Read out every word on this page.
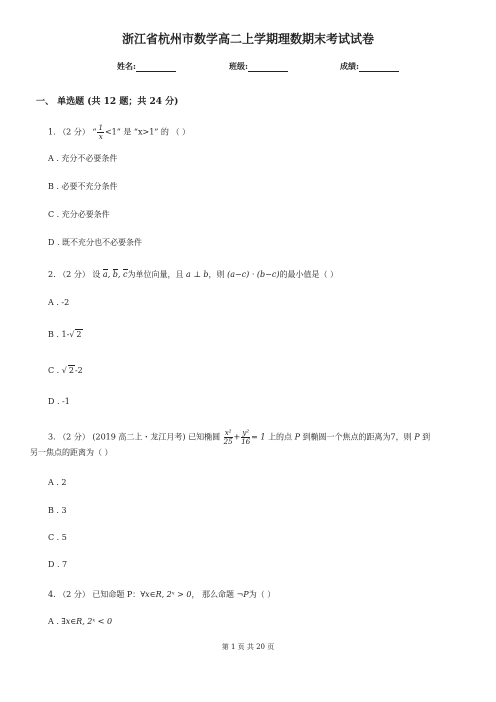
浙江省杭州市数学高二上学期理数期末考试试卷
姓名:	班级:	成绩:
一、 单选题 (共 12 题；共 24 分)
1. （2 分） “ $\frac{1}{x} <1$” 是 “x>1” 的 （ ）
A . 充分不必要条件
B . 必要不充分条件
C . 充分必要条件
D . 既不充分也不必要条件
2. （2 分） 设 a, b, c为单位向量，且 a ⊥ b，则 (a−c) · (b−c)的最小值是（ ）
A . -2
B . 1-√ 2
C . √ 2-2
D . -1
3. （2 分） (2019 高二上・龙江月考) 已知椭圆 $\frac{\text{x²}}{25} + \frac{\text{y²}}{16} = 1$ 上的点 P 到椭圆一个焦点的距离为7，则 P 到
另一焦点的距离为（ ）
A . 2
B . 3
C . 5
D . 7
4. （2 分） 已知命题 P：∀x∈R, 2ˣ > 0， 那么命题 ¬P为（ ）
A . ∃x∈R, 2ˣ < 0
第 1 页 共 20 页
